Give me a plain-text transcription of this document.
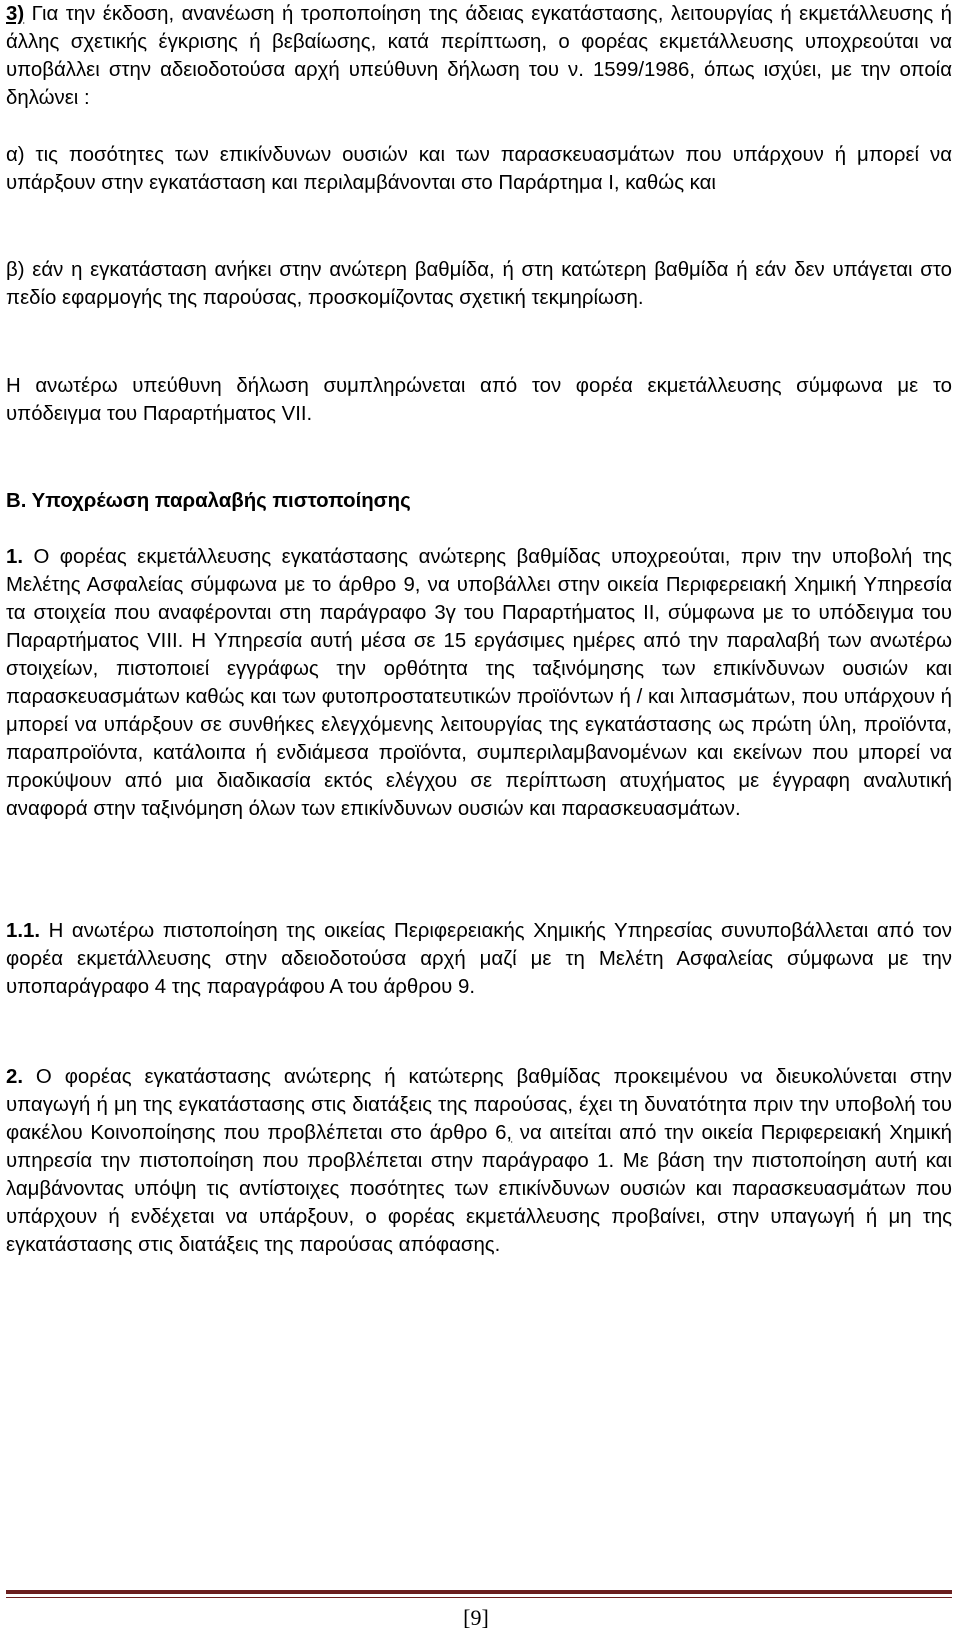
3) Για την έκδοση, ανανέωση ή τροποποίηση της άδειας εγκατάστασης, λειτουργίας ή εκμετάλλευσης ή άλλης σχετικής έγκρισης ή βεβαίωσης, κατά περίπτωση, ο φορέας εκμετάλλευσης υποχρεούται να υποβάλλει στην αδειοδοτούσα αρχή υπεύθυνη δήλωση του ν. 1599/1986, όπως ισχύει, με την οποία δηλώνει :

α) τις ποσότητες των επικίνδυνων ουσιών και των παρασκευασμάτων που υπάρχουν ή μπορεί να υπάρξουν στην εγκατάσταση και περιλαμβάνονται στο Παράρτημα Ι, καθώς και

β) εάν η εγκατάσταση ανήκει στην ανώτερη βαθμίδα, ή στη κατώτερη βαθμίδα ή εάν δεν υπάγεται στο πεδίο εφαρμογής της παρούσας, προσκομίζοντας σχετική τεκμηρίωση.

Η ανωτέρω υπεύθυνη δήλωση συμπληρώνεται από τον φορέα εκμετάλλευσης σύμφωνα με το υπόδειγμα του Παραρτήματος VII.

Β. Υποχρέωση παραλαβής πιστοποίησης

1. Ο φορέας εκμετάλλευσης εγκατάστασης ανώτερης βαθμίδας υποχρεούται, πριν την υποβολή της Μελέτης Ασφαλείας σύμφωνα με το άρθρο 9, να υποβάλλει στην οικεία Περιφερειακή Χημική Υπηρεσία τα στοιχεία που αναφέρονται στη παράγραφο 3γ του Παραρτήματος ΙΙ, σύμφωνα με το υπόδειγμα του Παραρτήματος VIII. Η Υπηρεσία αυτή μέσα σε 15 εργάσιμες ημέρες από την παραλαβή των ανωτέρω στοιχείων, πιστοποιεί εγγράφως την ορθότητα της ταξινόμησης των επικίνδυνων ουσιών και παρασκευασμάτων καθώς και των φυτοπροστατευτικών προϊόντων ή / και λιπασμάτων, που υπάρχουν ή μπορεί να υπάρξουν σε συνθήκες ελεγχόμενης λειτουργίας της εγκατάστασης ως πρώτη ύλη, προϊόντα, παραπροϊόντα, κατάλοιπα ή ενδιάμεσα προϊόντα, συμπεριλαμβανομένων και εκείνων που μπορεί να προκύψουν από μια διαδικασία εκτός ελέγχου σε περίπτωση ατυχήματος με έγγραφη αναλυτική αναφορά στην ταξινόμηση όλων των επικίνδυνων ουσιών και παρασκευασμάτων.

1.1. Η ανωτέρω πιστοποίηση της οικείας Περιφερειακής Χημικής Υπηρεσίας συνυποβάλλεται από τον φορέα εκμετάλλευσης στην αδειοδοτούσα αρχή μαζί με τη Μελέτη Ασφαλείας σύμφωνα με την υποπαράγραφο 4 της παραγράφου Α του άρθρου 9.

2. Ο φορέας εγκατάστασης ανώτερης ή κατώτερης βαθμίδας προκειμένου να διευκολύνεται στην υπαγωγή ή μη της εγκατάστασης στις διατάξεις της παρούσας, έχει τη δυνατότητα πριν την υποβολή του φακέλου Κοινοποίησης που προβλέπεται στο άρθρο 6, να αιτείται από την οικεία Περιφερειακή Χημική υπηρεσία την πιστοποίηση που προβλέπεται στην παράγραφο 1. Με βάση την πιστοποίηση αυτή και λαμβάνοντας υπόψη τις αντίστοιχες ποσότητες των επικίνδυνων ουσιών και παρασκευασμάτων που υπάρχουν ή ενδέχεται να υπάρξουν, ο φορέας εκμετάλλευσης προβαίνει, στην υπαγωγή ή μη της εγκατάστασης στις διατάξεις της παρούσας απόφασης.

[9]
